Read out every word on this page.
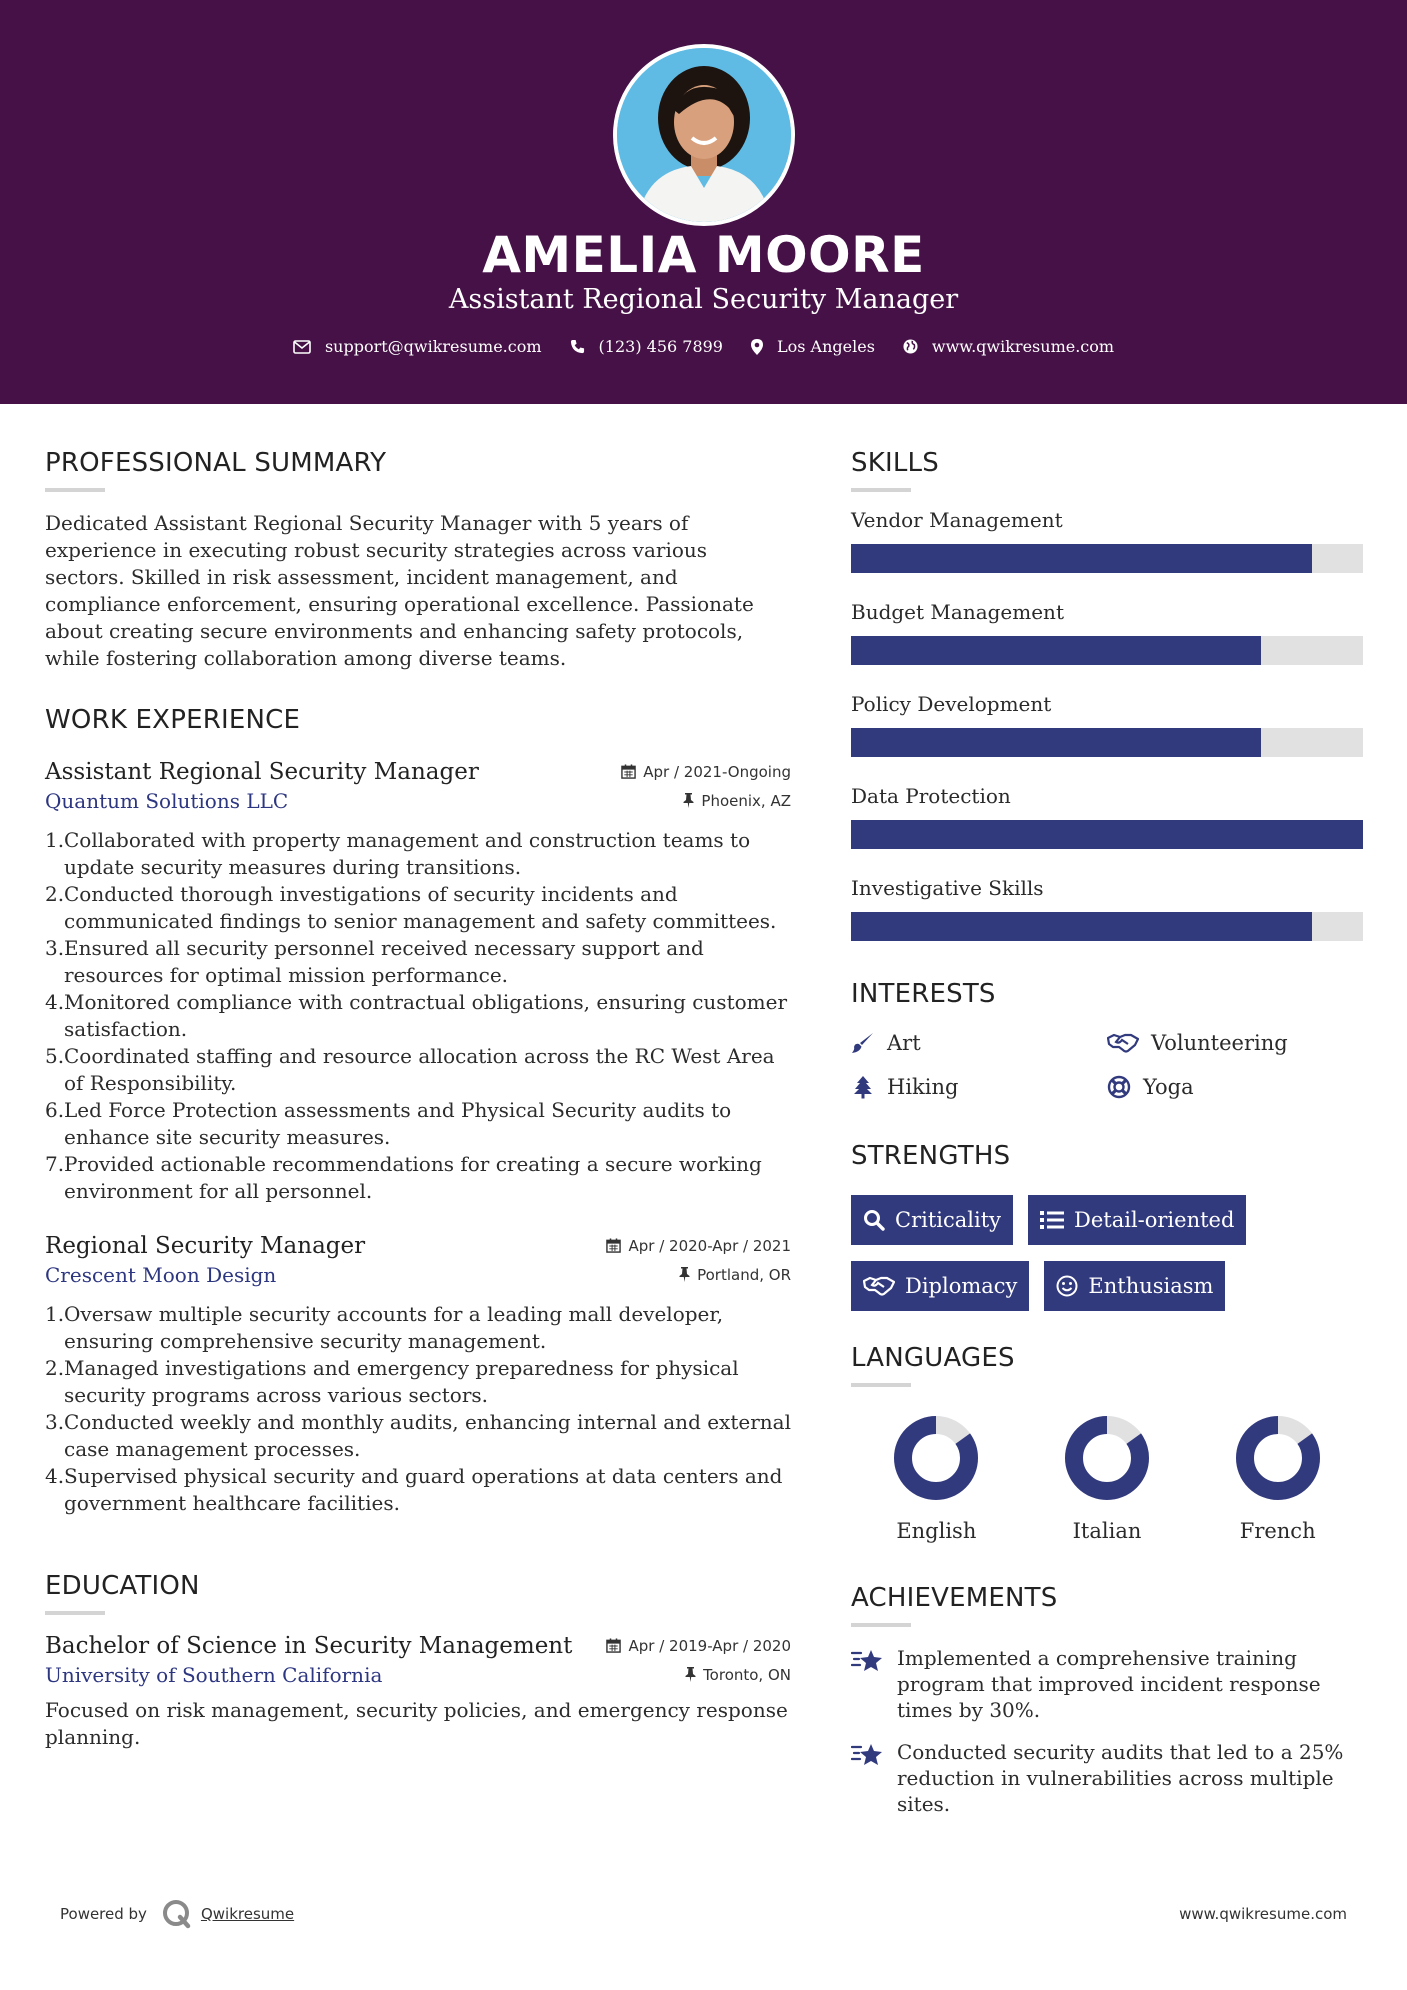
AMELIA MOORE
Assistant Regional Security Manager
support@qwikresume.com	(123) 456 7899	Los Angeles	www.qwikresume.com
PROFESSIONAL SUMMARY

Dedicated Assistant Regional Security Manager with 5 years of experience in executing robust security strategies across various sectors. Skilled in risk assessment, incident management, and compliance enforcement, ensuring operational excellence. Passionate about creating secure environments and enhancing safety protocols, while fostering collaboration among diverse teams.

WORK EXPERIENCE
Assistant Regional Security Manager	Apr / 2021-Ongoing
Quantum Solutions LLC	Phoenix, AZ
1. Collaborated with property management and construction teams to update security measures during transitions.
2. Conducted thorough investigations of security incidents and communicated findings to senior management and safety committees.
3. Ensured all security personnel received necessary support and resources for optimal mission performance.
4. Monitored compliance with contractual obligations, ensuring customer satisfaction.
5. Coordinated staffing and resource allocation across the RC West Area of Responsibility.
6. Led Force Protection assessments and Physical Security audits to enhance site security measures.
7. Provided actionable recommendations for creating a secure working environment for all personnel.
Regional Security Manager	Apr / 2020-Apr / 2021
Crescent Moon Design	Portland, OR
1. Oversaw multiple security accounts for a leading mall developer, ensuring comprehensive security management.
2. Managed investigations and emergency preparedness for physical security programs across various sectors.
3. Conducted weekly and monthly audits, enhancing internal and external case management processes.
4. Supervised physical security and guard operations at data centers and government healthcare facilities.
EDUCATION
Bachelor of Science in Security Management	Apr / 2019-Apr / 2020
University of Southern California	Toronto, ON

Focused on risk management, security policies, and emergency response planning.

SKILLS
Vendor Management
Budget Management
Policy Development
Data Protection
Investigative Skills
INTERESTS
Art	Volunteering
Hiking	Yoga
STRENGTHS
Criticality	Detail-oriented
Diplomacy	Enthusiasm
LANGUAGES
English	Italian	French
ACHIEVEMENTS
Implemented a comprehensive training program that improved incident response times by 30%.
Conducted security audits that led to a 25% reduction in vulnerabilities across multiple sites.
Powered by	Qwikresume	www.qwikresume.com
